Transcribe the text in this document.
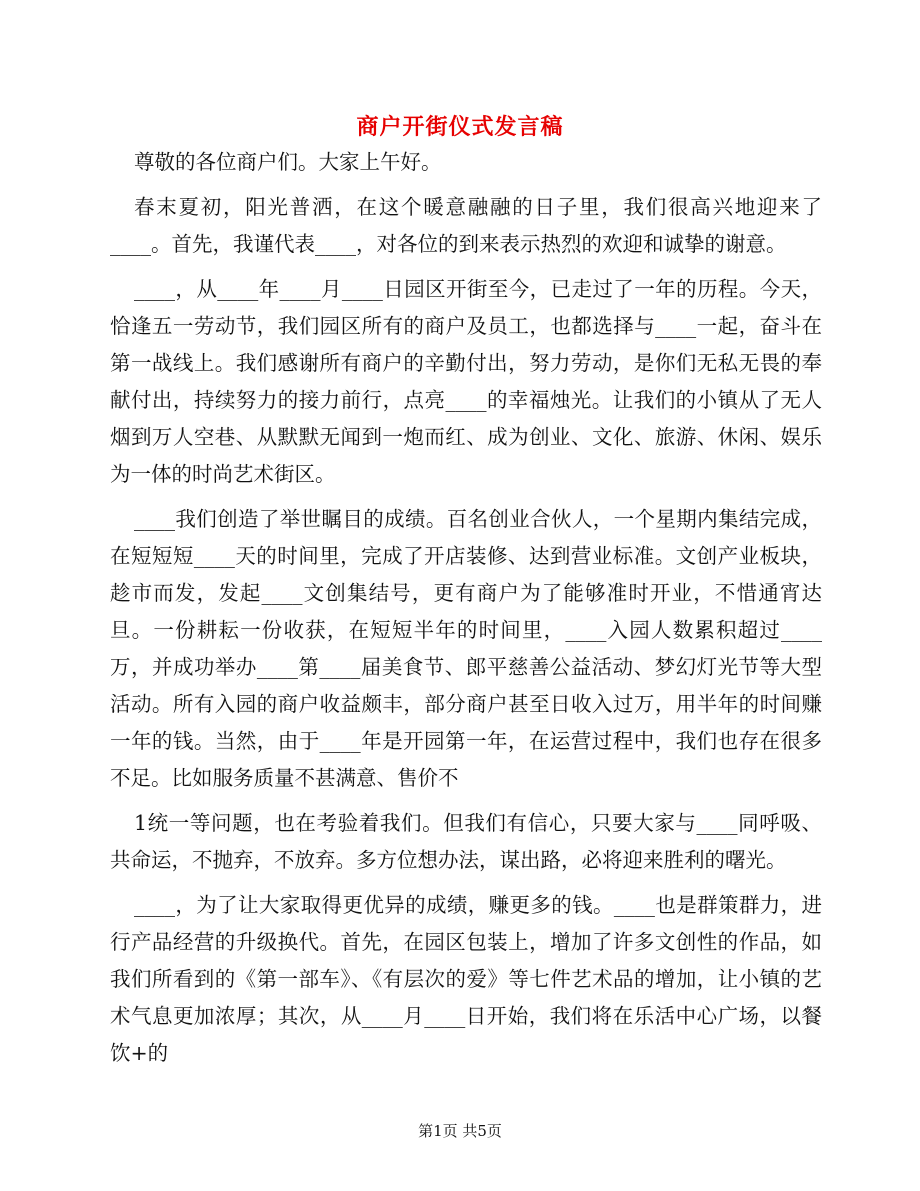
商户开街仪式发言稿

尊敬的各位商户们。大家上午好。

春末夏初，阳光普洒，在这个暖意融融的日子里，我们很高兴地迎来了____。首先，我谨代表____，对各位的到来表示热烈的欢迎和诚挚的谢意。

____，从____年____月____日园区开街至今，已走过了一年的历程。今天，恰逢五一劳动节，我们园区所有的商户及员工，也都选择与____一起，奋斗在第一战线上。我们感谢所有商户的辛勤付出，努力劳动，是你们无私无畏的奉献付出，持续努力的接力前行，点亮____的幸福烛光。让我们的小镇从了无人烟到万人空巷、从默默无闻到一炮而红、成为创业、文化、旅游、休闲、娱乐为一体的时尚艺术街区。

____我们创造了举世瞩目的成绩。百名创业合伙人，一个星期内集结完成，在短短短____天的时间里，完成了开店装修、达到营业标准。文创产业板块，趁市而发，发起____文创集结号，更有商户为了能够准时开业，不惜通宵达旦。一份耕耘一份收获，在短短半年的时间里，____入园人数累积超过____万，并成功举办____第____届美食节、郎平慈善公益活动、梦幻灯光节等大型活动。所有入园的商户收益颇丰，部分商户甚至日收入过万，用半年的时间赚一年的钱。当然，由于____年是开园第一年，在运营过程中，我们也存在很多不足。比如服务质量不甚满意、售价不

1统一等问题，也在考验着我们。但我们有信心，只要大家与____同呼吸、共命运，不抛弃，不放弃。多方位想办法，谋出路，必将迎来胜利的曙光。

____，为了让大家取得更优异的成绩，赚更多的钱。____也是群策群力，进行产品经营的升级换代。首先，在园区包装上，增加了许多文创性的作品，如我们所看到的《第一部车》、《有层次的爱》等七件艺术品的增加，让小镇的艺术气息更加浓厚；其次，从____月____日开始，我们将在乐活中心广场，以餐饮+的

第1页 共5页
